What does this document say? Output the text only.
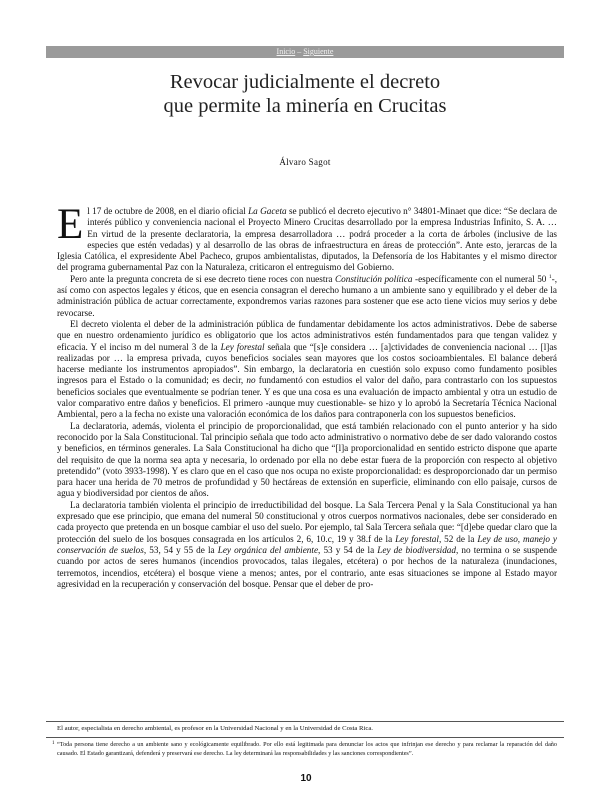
Inicio – Siguiente
Revocar judicialmente el decreto
que permite la minería en Crucitas
Álvaro Sagot

El 17 de octubre de 2008, en el diario oficial La Gaceta se publicó el decreto ejecutivo n° 34801-Minaet que dice: “Se declara de interés público y conveniencia nacional el Proyecto Minero Crucitas desarrollado por la empresa Industrias Infinito, S. A. … En virtud de la presente declaratoria, la empresa desarrolladora … podrá proceder a la corta de árboles (inclusive de las especies que estén vedadas) y al desarrollo de las obras de infraestructura en áreas de protección”. Ante esto, jerarcas de la Iglesia Católica, el expresidente Abel Pacheco, grupos ambientalistas, diputados, la Defensoría de los Habitantes y el mismo director del programa gubernamental Paz con la Naturaleza, criticaron el entreguismo del Gobierno.

Pero ante la pregunta concreta de si ese decreto tiene roces con nuestra Constitución política -específicamente con el numeral 50 $^1$-, así como con aspectos legales y éticos, que en esencia consagran el derecho humano a un ambiente sano y equilibrado y el deber de la administración pública de actuar correctamente, expondremos varias razones para sostener que ese acto tiene vicios muy serios y debe revocarse.

El decreto violenta el deber de la administración pública de fundamentar debidamente los actos administrativos. Debe de saberse que en nuestro ordenamiento jurídico es obligatorio que los actos administrativos estén fundamentados para que tengan validez y eficacia. Y el inciso m del numeral 3 de la Ley forestal señala que “[s]e considera … [a]ctividades de conveniencia nacional … [l]as realizadas por … la empresa privada, cuyos beneficios sociales sean mayores que los costos socioambientales. El balance deberá hacerse mediante los instrumentos apropiados”. Sin embargo, la declaratoria en cuestión solo expuso como fundamento posibles ingresos para el Estado o la comunidad; es decir, no fundamentó con estudios el valor del daño, para contrastarlo con los supuestos beneficios sociales que eventualmente se podrían tener. Y es que una cosa es una evaluación de impacto ambiental y otra un estudio de valor comparativo entre daños y beneficios. El primero -aunque muy cuestionable- se hizo y lo aprobó la Secretaría Técnica Nacional Ambiental, pero a la fecha no existe una valoración económica de los daños para contraponerla con los supuestos beneficios.

La declaratoria, además, violenta el principio de proporcionalidad, que está también relacionado con el punto anterior y ha sido reconocido por la Sala Constitucional. Tal principio señala que todo acto administrativo o normativo debe de ser dado valorando costos y beneficios, en términos generales. La Sala Constitucional ha dicho que “[l]a proporcionalidad en sentido estricto dispone que aparte del requisito de que la norma sea apta y necesaria, lo ordenado por ella no debe estar fuera de la proporción con respecto al objetivo pretendido” (voto 3933-1998). Y es claro que en el caso que nos ocupa no existe proporcionalidad: es desproporcionado dar un permiso para hacer una herida de 70 metros de profundidad y 50 hectáreas de extensión en superficie, eliminando con ello paisaje, cursos de agua y biodiversidad por cientos de años.

La declaratoria también violenta el principio de irreductibilidad del bosque. La Sala Tercera Penal y la Sala Constitucional ya han expresado que ese principio, que emana del numeral 50 constitucional y otros cuerpos normativos nacionales, debe ser considerado en cada proyecto que pretenda en un bosque cambiar el uso del suelo. Por ejemplo, tal Sala Tercera señala que: “[d]ebe quedar claro que la protección del suelo de los bosques consagrada en los artículos 2, 6, 10.c, 19 y 38.f de la Ley forestal, 52 de la Ley de uso, manejo y conservación de suelos, 53, 54 y 55 de la Ley orgánica del ambiente, 53 y 54 de la Ley de biodiversidad, no termina o se suspende cuando por actos de seres humanos (incendios provocados, talas ilegales, etcétera) o por hechos de la naturaleza (inundaciones, terremotos, incendios, etcétera) el bosque viene a menos; antes, por el contrario, ante esas situaciones se impone al Estado mayor agresividad en la recuperación y conservación del bosque. Pensar que el deber de pro-

El autor, especialista en derecho ambiental, es profesor en la Universidad Nacional y en la Universidad de Costa Rica.
1 “Toda persona tiene derecho a un ambiente sano y ecológicamente equilibrado. Por ello está legitimada para denunciar los actos que infrinjan ese derecho y para reclamar la reparación del daño causado. El Estado garantizará, defenderá y preservará ese derecho. La ley determinará las responsabilidades y las sanciones correspondientes”.
10
